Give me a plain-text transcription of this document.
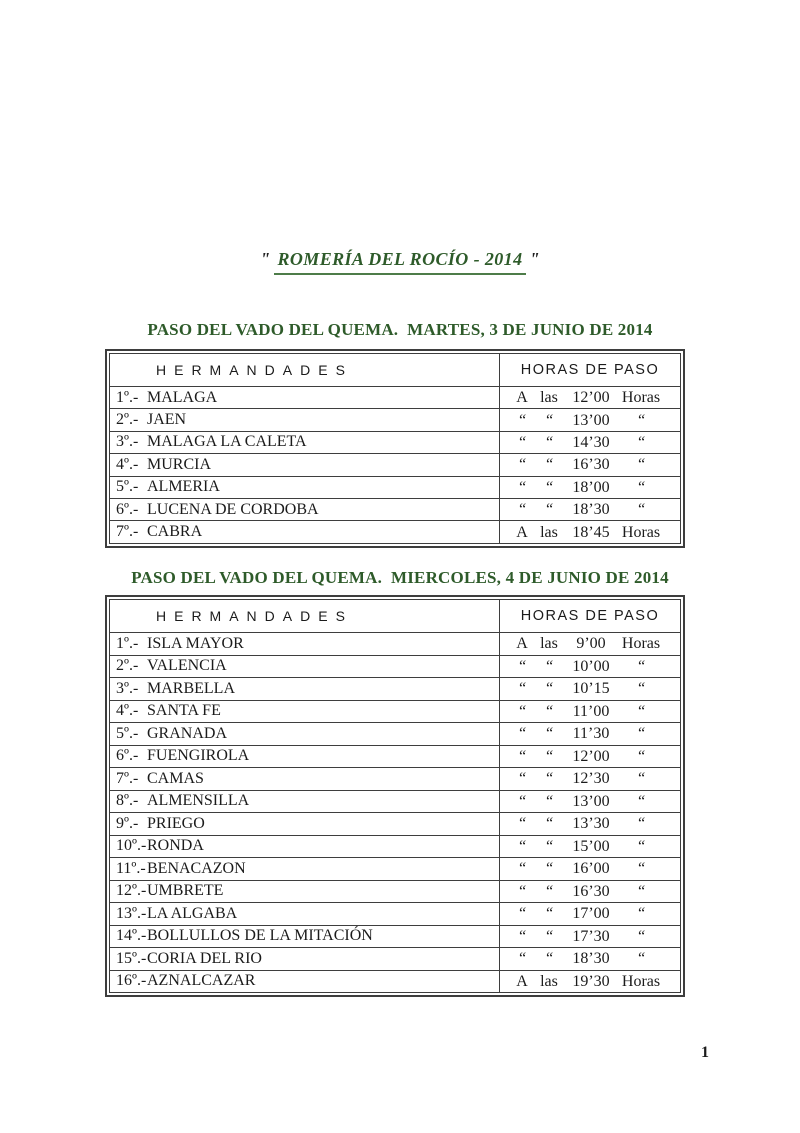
" ROMERÍA DEL ROCÍO - 2014 "
PASO DEL VADO DEL QUEMA.  MARTES, 3 DE JUNIO DE 2014
HERMANDADES	HORAS DE PASO
1º.- MALAGA	A las 12’00 Horas

2º.- JAEN	“ “ 13’00 “

3º.- MALAGA LA CALETA	“ “ 14’30 “

4º.- MURCIA	“ “ 16’30 “

5º.- ALMERIA	“ “ 18’00 “

6º.- LUCENA DE CORDOBA	“ “ 18’30 “

7º.- CABRA	A las 18’45 Horas
PASO DEL VADO DEL QUEMA.  MIERCOLES, 4 DE JUNIO DE 2014
HERMANDADES	HORAS DE PASO
1º.- ISLA MAYOR	A las 9’00 Horas

2º.- VALENCIA	“ “ 10’00 “

3º.- MARBELLA	“ “ 10’15 “

4º.- SANTA FE	“ “ 11’00 “

5º.- GRANADA	“ “ 11’30 “

6º.- FUENGIROLA	“ “ 12’00 “

7º.- CAMAS	“ “ 12’30 “

8º.- ALMENSILLA	“ “ 13’00 “

9º.- PRIEGO	“ “ 13’30 “

10º.-RONDA	“ “ 15’00 “

11º.-BENACAZON	“ “ 16’00 “

12º.-UMBRETE	“ “ 16’30 “

13º.-LA ALGABA	“ “ 17’00 “

14º.-BOLLULLOS DE LA MITACIÓN	“ “ 17’30 “

15º.-CORIA DEL RIO	“ “ 18’30 “

16º.-AZNALCAZAR	A las 19’30 Horas
1
